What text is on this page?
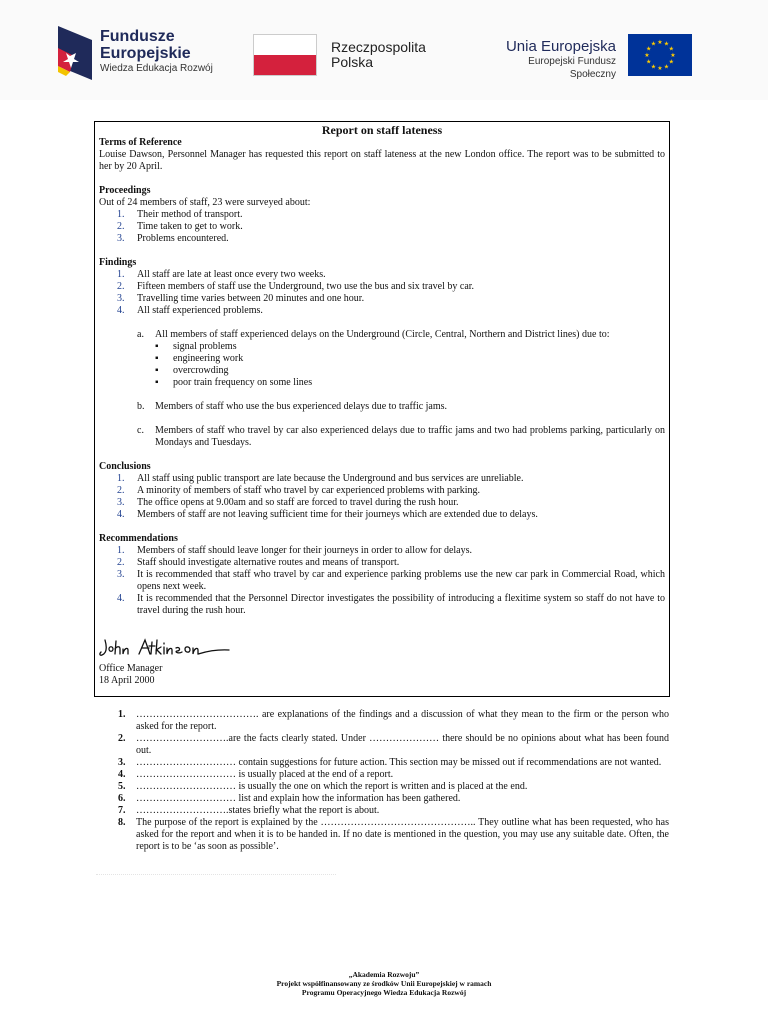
Fundusze
Europejskie
Wiedza Edukacja Rozwój
Rzeczpospolita
Polska
Unia Europejska
Europejski Fundusz Społeczny
★ ★
★
★
★
★
★
★
★
★
★
★
Report on staff lateness
Terms of Reference
Louise Dawson, Personnel Manager has requested this report on staff lateness at the new London office. The report was to be submitted to her by 20 April.
Proceedings
Out of 24 members of staff, 23 were surveyed about:
1. Their method of transport.
2. Time taken to get to work.
3. Problems encountered.
Findings
1. All staff are late at least once every two weeks.
2. Fifteen members of staff use the Underground, two use the bus and six travel by car.
3. Travelling time varies between 20 minutes and one hour.
4. All staff experienced problems.
a. All members of staff experienced delays on the Underground (Circle, Central, Northern and District lines) due to:
▪ signal problems
▪ engineering work
▪ overcrowding
▪ poor train frequency on some lines
b. Members of staff who use the bus experienced delays due to traffic jams.
c. Members of staff who travel by car also experienced delays due to traffic jams and two had problems parking, particularly on Mondays and Tuesdays.
Conclusions
1. All staff using public transport are late because the Underground and bus services are unreliable.
2. A minority of members of staff who travel by car experienced problems with parking.
3. The office opens at 9.00am and so staff are forced to travel during the rush hour.
4. Members of staff are not leaving sufficient time for their journeys which are extended due to delays.
Recommendations
1. Members of staff should leave longer for their journeys in order to allow for delays.
2. Staff should investigate alternative routes and means of transport.
3. It is recommended that staff who travel by car and experience parking problems use the new car park in Commercial Road, which opens next week.
4. It is recommended that the Personnel Director investigates the possibility of introducing a flexitime system so staff do not have to travel during the rush hour.
Office Manager
18 April 2000
1. ………………………………. are explanations of the findings and a discussion of what they mean to the firm or the person who asked for the report.
2. ……………………….are the facts clearly stated. Under ………………… there should be no opinions about what has been found out.
3. ………………………… contain suggestions for future action. This section may be missed out if recommendations are not wanted.
4. ………………………… is usually placed at the end of a report.
5. ………………………… is usually the one on which the report is written and is placed at the end.
6. ………………………… list and explain how the information has been gathered.
7. ……………………….states briefly what the report is about.
8. The purpose of the report is explained by the ……………………………………….. They outline what has been requested, who has asked for the report and when it is to be handed in. If no date is mentioned in the question, you may use any suitable date. Often, the report is to be ‘as soon as possible’.
„Akademia Rozwoju”
Projekt współfinansowany ze środków Unii Europejskiej w ramach
Programu Operacyjnego Wiedza Edukacja Rozwój
